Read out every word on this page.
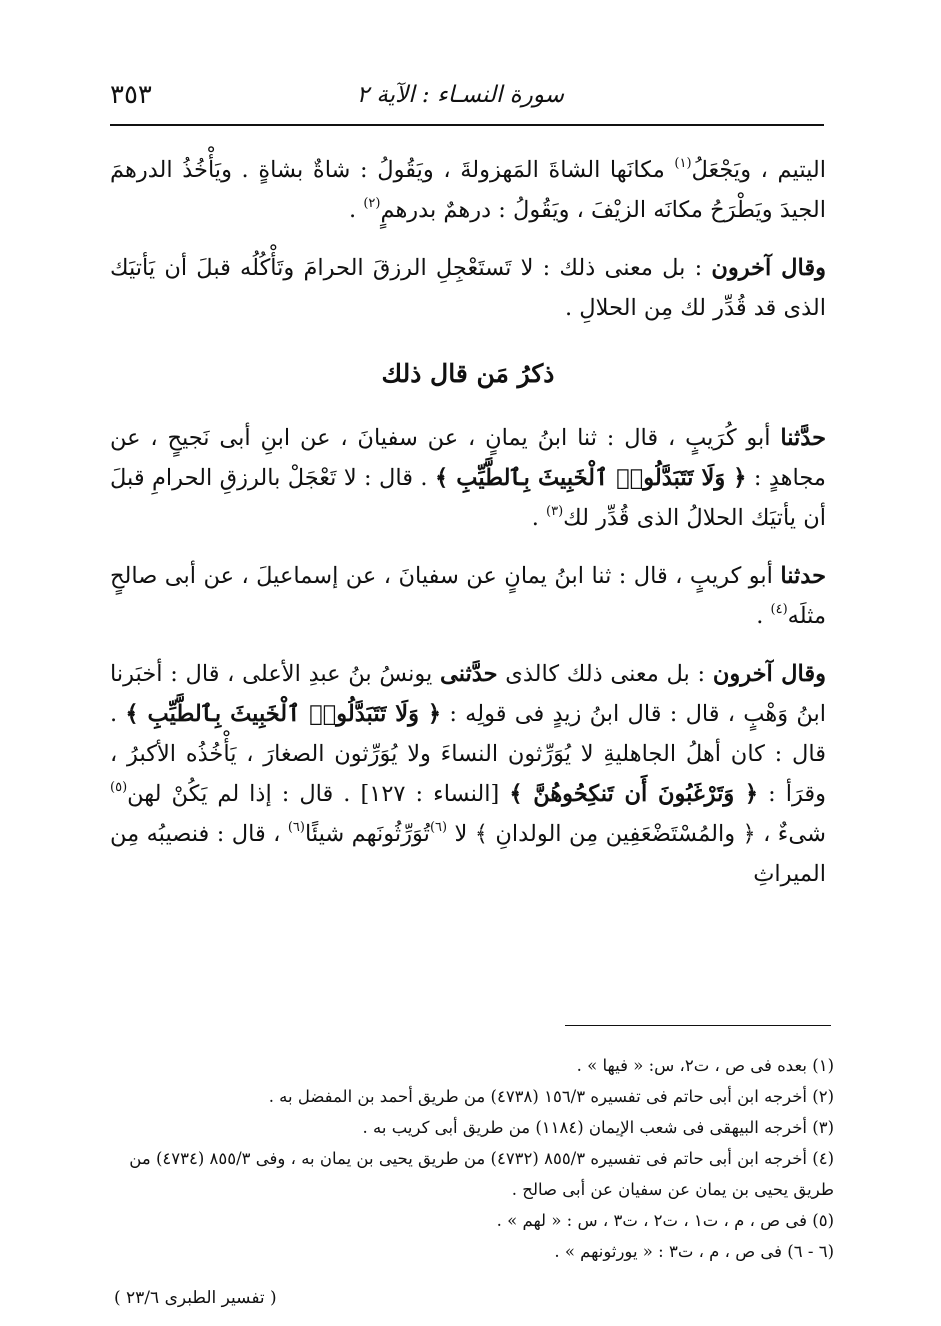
سورة النسـاء : الآية ٢
٣٥٣

اليتيم ، ويَجْعَلُ$^{(١)}$ مكانَها الشاةَ المَهزولةَ ، ويَقُولُ : شاةٌ بشاةٍ . ويَأْخُذُ الدرهمَ الجيدَ ويَطْرَحُ مكانَه الزيْفَ ، ويَقُولُ : درهمٌ بدرهمٍ$^{(٢)}$ .

وقال آخرون : بل معنى ذلك : لا تَستَعْجِلِ الرزقَ الحرامَ وتَأْكُلُه قبلَ أن يَأتيَك الذى قد قُدِّر لك مِن الحلالِ .

ذكرُ مَن قال ذلك

حدَّثنا أبو كُرَيبٍ ، قال : ثنا ابنُ يمانٍ ، عن سفيانَ ، عن ابنِ أبى نَجيحٍ ، عن مجاهدٍ : ﴿ وَلَا تَتَبَدَّلُوا۟ ٱلْخَبِيثَ بِٱلطَّيِّبِ ﴾ . قال : لا تَعْجَلْ بالرزقِ الحرامِ قبلَ أن يأتيَك الحلالُ الذى قُدِّر لك$^{(٣)}$ .

حدثنا أبو كريبٍ ، قال : ثنا ابنُ يمانٍ عن سفيانَ ، عن إسماعيلَ ، عن أبى صالحٍ مثلَه$^{(٤)}$ .

وقال آخرون : بل معنى ذلك كالذى حدَّثنى يونسُ بنُ عبدِ الأعلى ، قال : أخبَرنا ابنُ وَهْبٍ ، قال : قال ابنُ زيدٍ فى قولِه : ﴿ وَلَا تَتَبَدَّلُوا۟ ٱلْخَبِيثَ بِٱلطَّيِّبِ ﴾ . قال : كان أهلُ الجاهليةِ لا يُوَرِّثون النساءَ ولا يُوَرِّثون الصغارَ ، يَأْخُذُه الأكبرُ ، وقرَأ : ﴿ وَتَرْغَبُونَ أَن تَنكِحُوهُنَّ ﴾ [النساء : ١٢٧] . قال : إذا لم يَكُنْ لهن$^{(٥)}$ شىءٌ ، ﴿ والمُسْتَضْعَفِين مِن الولدانِ ﴾ لا $^{(٦)}$تُوَرِّثُونَهم شيئًا$^{(٦)}$ ، قال : فنصيبُه مِن الميراثِ

(١) بعده فى ص ، ت٢، س: « فيها » .

(٢) أخرجه ابن أبى حاتم فى تفسيره ١٥٦/٣ (٤٧٣٨) من طريق أحمد بن المفضل به .

(٣) أخرجه البيهقى فى شعب الإيمان (١١٨٤) من طريق أبى كريب به .

(٤) أخرجه ابن أبى حاتم فى تفسيره ٨٥٥/٣ (٤٧٣٢) من طريق يحيى بن يمان به ، وفى ٨٥٥/٣ (٤٧٣٤) من طريق يحيى بن يمان عن سفيان عن أبى صالح .

(٥) فى ص ، م ، ت١ ، ت٢ ، ت٣ ، س : « لهم » .

(٦ - ٦) فى ص ، م ، ت٣ : « يورثونهم » .

( تفسير الطبرى ٢٣/٦ )
